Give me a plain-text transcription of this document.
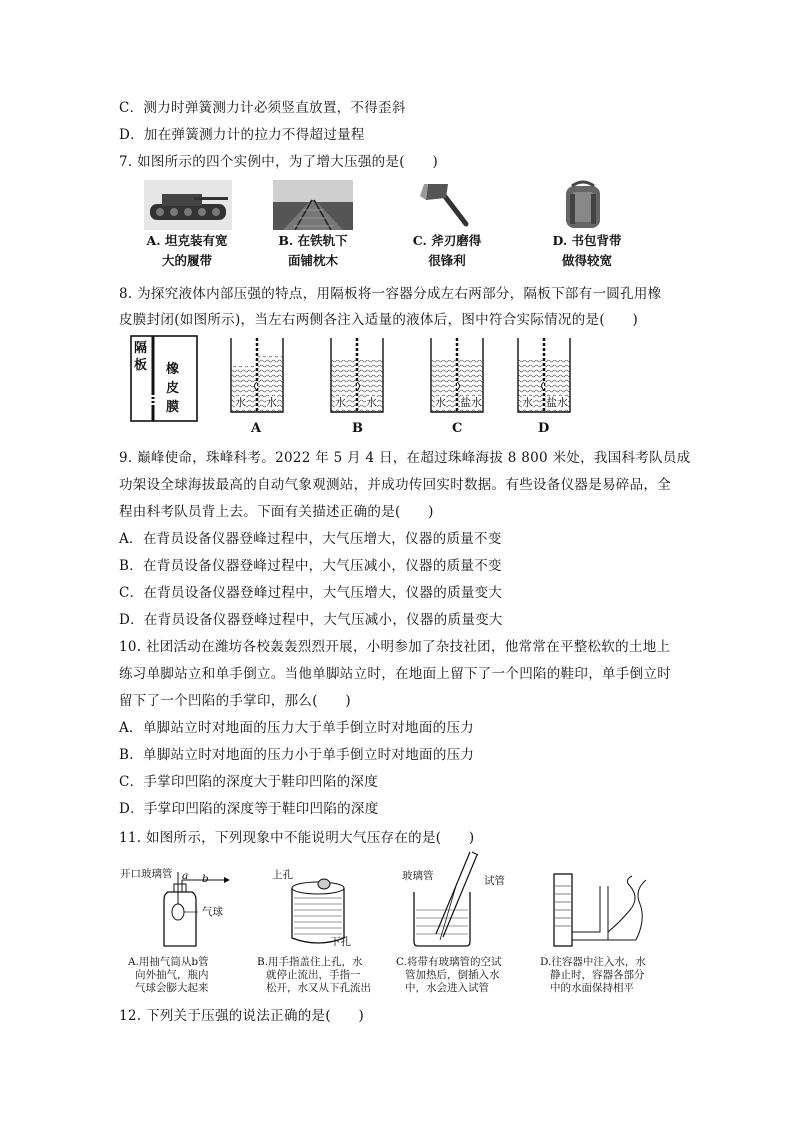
C．测力时弹簧测力计必须竖直放置，不得歪斜
D．加在弹簧测力计的拉力不得超过量程
7. 如图所示的四个实例中，为了增大压强的是(　　)
A. 坦克装有宽
大的履带
B. 在铁轨下
面铺枕木
C. 斧刃磨得
很锋利
D. 书包背带
做得较宽
8. 为探究液体内部压强的特点，用隔板将一容器分成左右两部分，隔板下部有一圆孔用橡
皮膜封闭(如图所示)，当左右两侧各注入适量的液体后，图中符合实际情况的是(　　)
隔板 橡
皮
膜	水 水	水 水	水 盐水	水 盐水
A	B	C	D
9. 巅峰使命，珠峰科考。2022 年 5 月 4 日，在超过珠峰海拔 8 800 米处，我国科考队员成
功架设全球海拔最高的自动气象观测站，并成功传回实时数据。有些设备仪器是易碎品，全
程由科考队员背上去。下面有关描述正确的是(　　)
A．在背员设备仪器登峰过程中，大气压增大，仪器的质量不变
B．在背员设备仪器登峰过程中，大气压减小，仪器的质量不变
C．在背员设备仪器登峰过程中，大气压增大，仪器的质量变大
D．在背员设备仪器登峰过程中，大气压减小，仪器的质量变大
10. 社团活动在潍坊各校轰轰烈烈开展，小明参加了杂技社团，他常常在平整松软的土地上
练习单脚站立和单手倒立。当他单脚站立时，在地面上留下了一个凹陷的鞋印，单手倒立时
留下了一个凹陷的手掌印，那么(　　)
A．单脚站立时对地面的压力大于单手倒立时对地面的压力
B．单脚站立时对地面的压力小于单手倒立时对地面的压力
C．手掌印凹陷的深度大于鞋印凹陷的深度
D．手掌印凹陷的深度等于鞋印凹陷的深度
11. 如图所示，下列现象中不能说明大气压存在的是(　　)
开口玻璃管 a b
气球
上孔
下孔
玻璃管	试管
A.用抽气筒从b管
向外抽气，瓶内
气球会膨大起来
B.用手指盖住上孔，水
就停止流出，手指一
松开，水又从下孔流出
C.将带有玻璃管的空试
管加热后，倒插入水
中，水会进入试管
D.往容器中注入水，水
静止时，容器各部分
中的水面保持相平
12. 下列关于压强的说法正确的是(　　)
